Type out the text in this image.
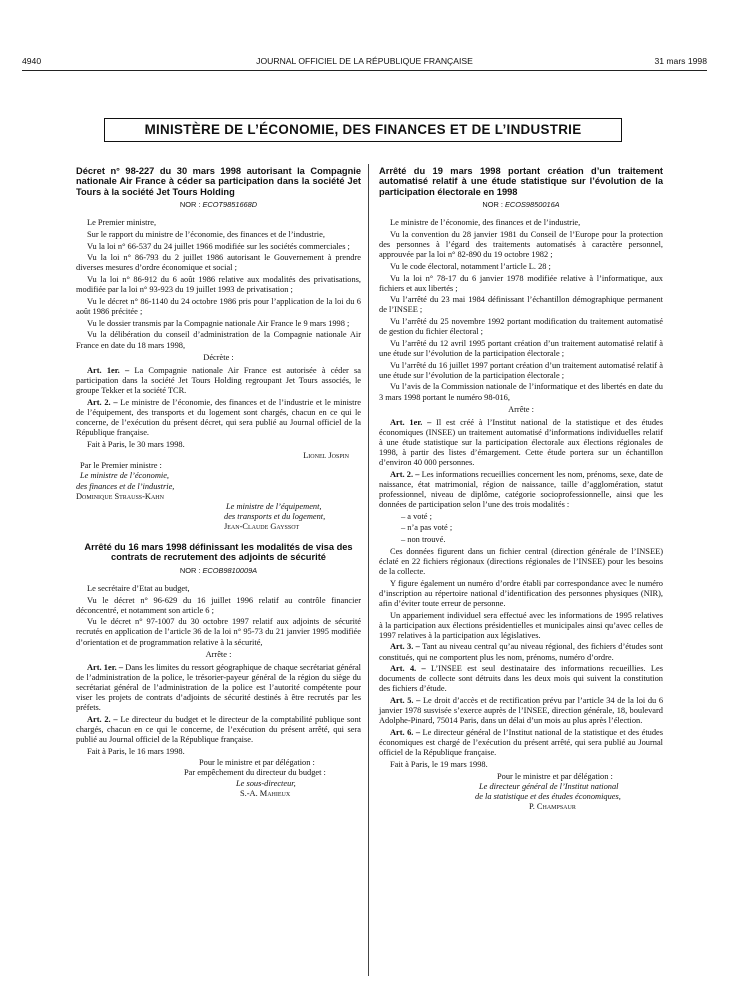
4940	JOURNAL OFFICIEL DE LA RÉPUBLIQUE FRANÇAISE	31 mars 1998
MINISTÈRE DE L’ÉCONOMIE, DES FINANCES ET DE L’INDUSTRIE
Décret n° 98-227 du 30 mars 1998 autorisant la Compagnie nationale Air France à céder sa participation dans la société Jet Tours à la société Jet Tours Holding
NOR : ECOT9851668D

Le Premier ministre,

Sur le rapport du ministre de l’économie, des finances et de l’industrie,

Vu la loi n° 66-537 du 24 juillet 1966 modifiée sur les sociétés commerciales ;

Vu la loi n° 86-793 du 2 juillet 1986 autorisant le Gouvernement à prendre diverses mesures d’ordre économique et social ;

Vu la loi n° 86-912 du 6 août 1986 relative aux modalités des privatisations, modifiée par la loi n° 93-923 du 19 juillet 1993 de privatisation ;

Vu le décret n° 86-1140 du 24 octobre 1986 pris pour l’application de la loi du 6 août 1986 précitée ;

Vu le dossier transmis par la Compagnie nationale Air France le 9 mars 1998 ;

Vu la délibération du conseil d’administration de la Compagnie nationale Air France en date du 18 mars 1998,

Décrète :

Art. 1er. – La Compagnie nationale Air France est autorisée à céder sa participation dans la société Jet Tours Holding regroupant Jet Tours associés, le groupe Tekker et la société TCR.

Art. 2. – Le ministre de l’économie, des finances et de l’industrie et le ministre de l’équipement, des transports et du logement sont chargés, chacun en ce qui le concerne, de l’exécution du présent décret, qui sera publié au Journal officiel de la République française.

Fait à Paris, le 30 mars 1998.

Lionel Jospin

Par le Premier ministre :

Le ministre de l’économie,

des finances et de l’industrie,

Dominique Strauss-Kahn

Le ministre de l’équipement,

des transports et du logement,

Jean-Claude Gayssot

Arrêté du 16 mars 1998 définissant les modalités de visa des contrats de recrutement des adjoints de sécurité
NOR : ECOB9810009A

Le secrétaire d’Etat au budget,

Vu le décret n° 96-629 du 16 juillet 1996 relatif au contrôle financier déconcentré, et notamment son article 6 ;

Vu le décret n° 97-1007 du 30 octobre 1997 relatif aux adjoints de sécurité recrutés en application de l’article 36 de la loi n° 95-73 du 21 janvier 1995 modifiée d’orientation et de programmation relative à la sécurité,

Arrête :

Art. 1er. – Dans les limites du ressort géographique de chaque secrétariat général de l’administration de la police, le trésorier-payeur général de la région du siège du secrétariat général de l’administration de la police est l’autorité compétente pour viser les projets de contrats d’adjoints de sécurité destinés à être recrutés par les préfets.

Art. 2. – Le directeur du budget et le directeur de la comptabilité publique sont chargés, chacun en ce qui le concerne, de l’exécution du présent arrêté, qui sera publié au Journal officiel de la République française.

Fait à Paris, le 16 mars 1998.

Pour le ministre et par délégation :

Par empêchement du directeur du budget :

Le sous-directeur,

S.-A. Mahieux

Arrêté du 19 mars 1998 portant création d’un traitement automatisé relatif à une étude statistique sur l’évolution de la participation électorale en 1998
NOR : ECOS9850016A

Le ministre de l’économie, des finances et de l’industrie,

Vu la convention du 28 janvier 1981 du Conseil de l’Europe pour la protection des personnes à l’égard des traitements automatisés à caractère personnel, approuvée par la loi n° 82-890 du 19 octobre 1982 ;

Vu le code électoral, notamment l’article L. 28 ;

Vu la loi n° 78-17 du 6 janvier 1978 modifiée relative à l’informatique, aux fichiers et aux libertés ;

Vu l’arrêté du 23 mai 1984 définissant l’échantillon démographique permanent de l’INSEE ;

Vu l’arrêté du 25 novembre 1992 portant modification du traitement automatisé de gestion du fichier électoral ;

Vu l’arrêté du 12 avril 1995 portant création d’un traitement automatisé relatif à une étude sur l’évolution de la participation électorale ;

Vu l’arrêté du 16 juillet 1997 portant création d’un traitement automatisé relatif à une étude sur l’évolution de la participation électorale ;

Vu l’avis de la Commission nationale de l’informatique et des libertés en date du 3 mars 1998 portant le numéro 98-016,

Arrête :

Art. 1er. – Il est créé à l’Institut national de la statistique et des études économiques (INSEE) un traitement automatisé d’informations individuelles relatif à une étude statistique sur la participation électorale aux élections régionales de 1998, à partir des listes d’émargement. Cette étude portera sur un échantillon d’environ 40 000 personnes.

Art. 2. – Les informations recueillies concernent les nom, prénoms, sexe, date de naissance, état matrimonial, région de naissance, taille d’agglomération, statut professionnel, niveau de diplôme, catégorie socioprofessionnelle, ainsi que les données de participation selon l’une des trois modalités :

– a voté ;

– n’a pas voté ;

– non trouvé.

Ces données figurent dans un fichier central (direction générale de l’INSEE) éclaté en 22 fichiers régionaux (directions régionales de l’INSEE) pour les besoins de la collecte.

Y figure également un numéro d’ordre établi par correspondance avec le numéro d’inscription au répertoire national d’identification des personnes physiques (NIR), afin d’éviter toute erreur de personne.

Un appariement individuel sera effectué avec les informations de 1995 relatives à la participation aux élections présidentielles et municipales ainsi qu’avec celles de 1997 relatives à la participation aux législatives.

Art. 3. – Tant au niveau central qu’au niveau régional, des fichiers d’études sont constitués, qui ne comportent plus les nom, prénoms, numéro d’ordre.

Art. 4. – L’INSEE est seul destinataire des informations recueillies. Les documents de collecte sont détruits dans les deux mois qui suivent la constitution des fichiers d’étude.

Art. 5. – Le droit d’accès et de rectification prévu par l’article 34 de la loi du 6 janvier 1978 susvisée s’exerce auprès de l’INSEE, direction générale, 18, boulevard Adolphe-Pinard, 75014 Paris, dans un délai d’un mois au plus après l’élection.

Art. 6. – Le directeur général de l’Institut national de la statistique et des études économiques est chargé de l’exécution du présent arrêté, qui sera publié au Journal officiel de la République française.

Fait à Paris, le 19 mars 1998.

Pour le ministre et par délégation :

Le directeur général de l’Institut national

de la statistique et des études économiques,

P. Champsaur
